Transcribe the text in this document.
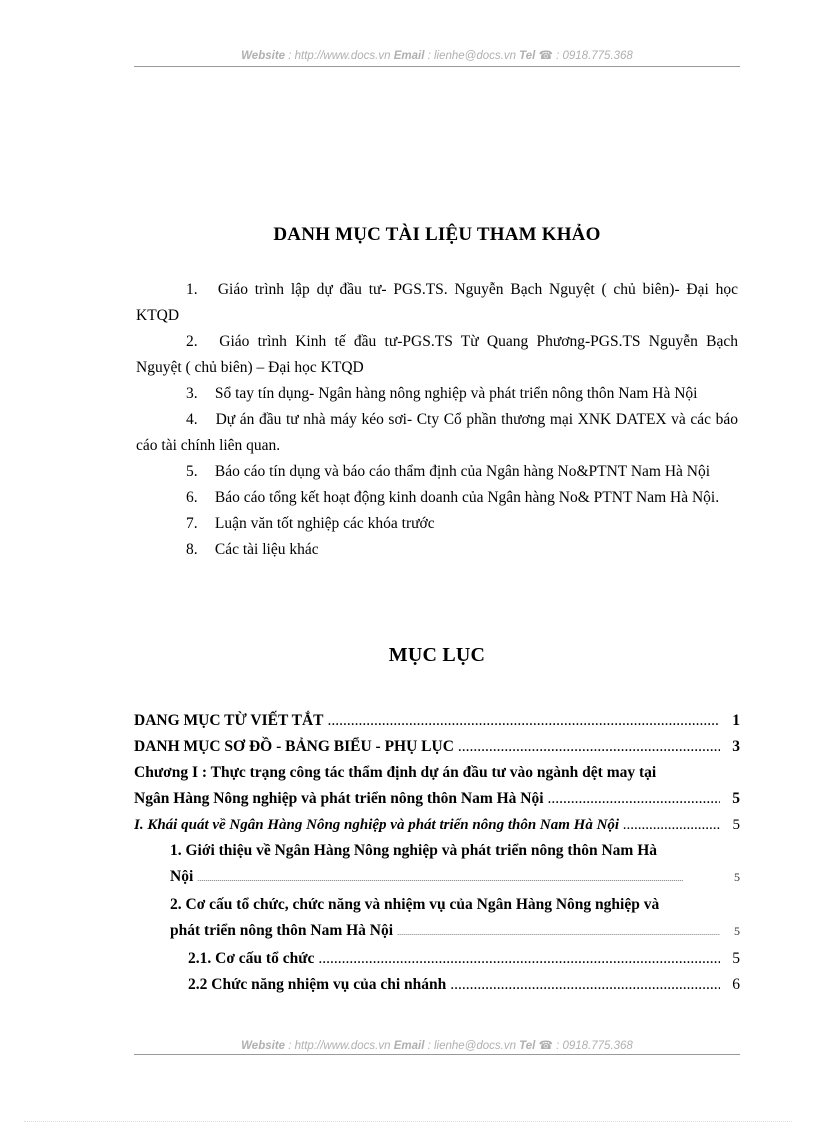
Website : http://www.docs.vn Email : lienhe@docs.vn Tel ☎ : 0918.775.368
DANH MỤC TÀI LIỆU THAM KHẢO

1. Giáo trình lập dự đầu tư- PGS.TS. Nguyễn Bạch Nguyệt ( chủ biên)- Đại học KTQD

2. Giáo trình Kinh tế đầu tư-PGS.TS Từ Quang Phương-PGS.TS Nguyễn Bạch Nguyệt ( chủ biên) – Đại học KTQD

3. Sổ tay tín dụng- Ngân hàng nông nghiệp và phát triển nông thôn Nam Hà Nội

4. Dự án đầu tư nhà máy kéo sơi- Cty Cổ phần thương mại XNK DATEX và các báo cáo tài chính liên quan.

5. Báo cáo tín dụng và báo cáo thẩm định của Ngân hàng No&PTNT Nam Hà Nội

6. Báo cáo tổng kết hoạt động kinh doanh của Ngân hàng No& PTNT Nam Hà Nội.

7. Luận văn tốt nghiệp các khóa trước

8. Các tài liệu khác

MỤC LỤC
DANG MỤC TỪ VIẾT TẮT .....	1
DANH MỤC SƠ ĐỒ - BẢNG BIỂU - PHỤ LỤC .....	3
Chương I : Thực trạng công tác thẩm định dự án đầu tư vào ngành dệt may tại
Ngân Hàng Nông nghiệp và phát triển nông thôn Nam Hà Nội .....	5
I. Khái quát về Ngân Hàng Nông nghiệp và phát triển nông thôn Nam Hà Nội .....	5
1. Giới thiệu về Ngân Hàng Nông nghiệp và phát triển nông thôn Nam Hà
Nội .....	5
2. Cơ cấu tổ chức, chức năng và nhiệm vụ của Ngân Hàng Nông nghiệp và
phát triển nông thôn Nam Hà Nội .....	5
2.1. Cơ cấu tổ chức .....	5
2.2 Chức năng nhiệm vụ của chi nhánh .....	6
Website : http://www.docs.vn Email : lienhe@docs.vn Tel ☎ : 0918.775.368
